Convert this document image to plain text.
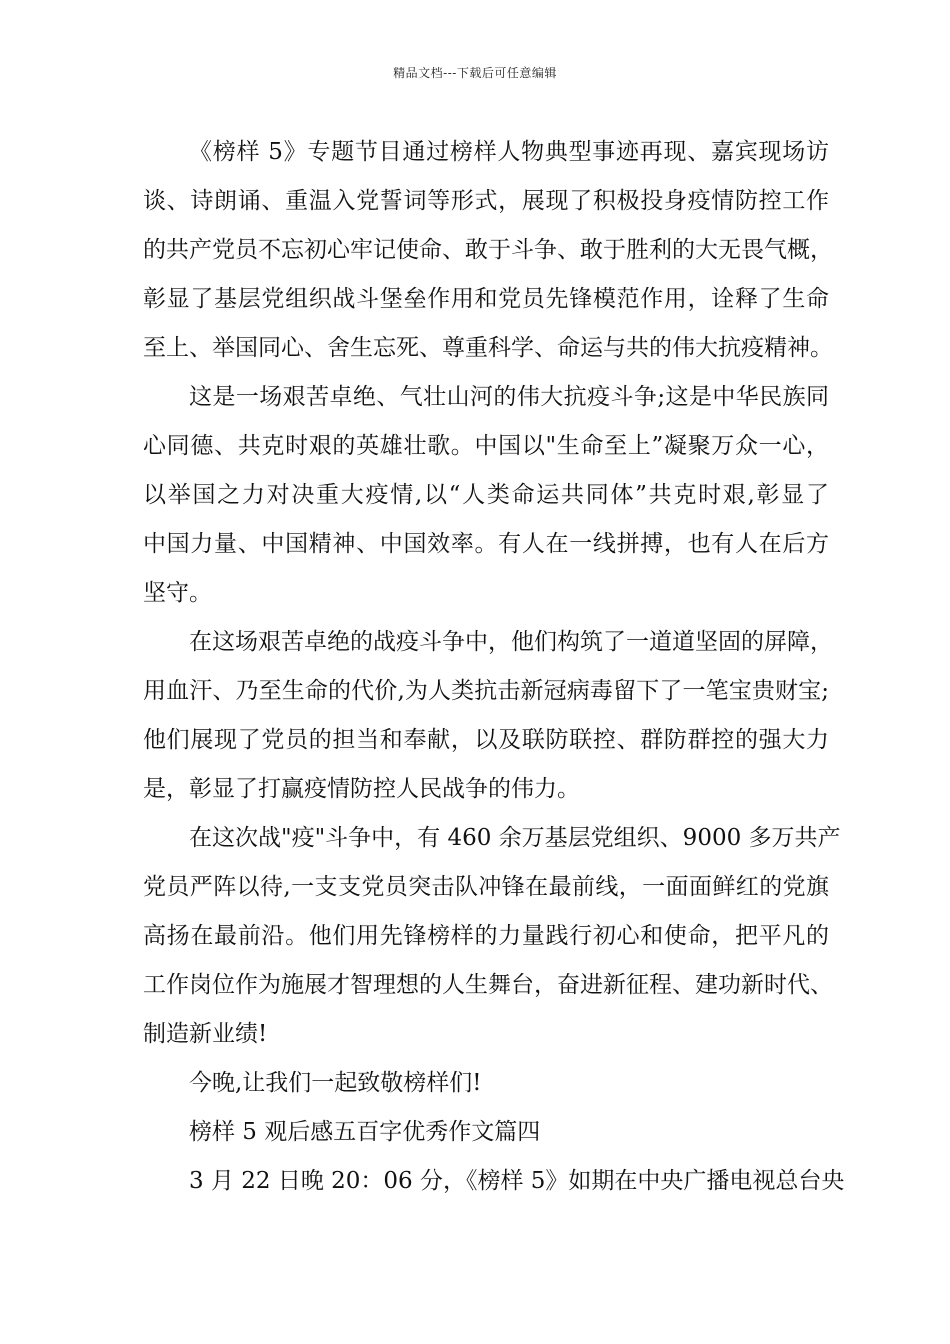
精品文档---下载后可任意编辑
《榜样 5》专题节目通过榜样人物典型事迹再现、嘉宾现场访
谈、诗朗诵、重温入党誓词等形式，展现了积极投身疫情防控工作
的共产党员不忘初心牢记使命、敢于斗争、敢于胜利的大无畏气概，
彰显了基层党组织战斗堡垒作用和党员先锋模范作用，诠释了生命
至上、举国同心、舍生忘死、尊重科学、命运与共的伟大抗疫精神。
这是一场艰苦卓绝、气壮山河的伟大抗疫斗争;这是中华民族同
心同德、共克时艰的英雄壮歌。中国以"生命至上”凝聚万众一心，
以举国之力对决重大疫情,以“人类命运共同体”共克时艰,彰显了
中国力量、中国精神、中国效率。有人在一线拼搏，也有人在后方
坚守。
在这场艰苦卓绝的战疫斗争中，他们构筑了一道道坚固的屏障，
用血汗、乃至生命的代价,为人类抗击新冠病毒留下了一笔宝贵财宝;
他们展现了党员的担当和奉献，以及联防联控、群防群控的强大力
是，彰显了打赢疫情防控人民战争的伟力。
在这次战"疫"斗争中，有 460 余万基层党组织、9000 多万共产
党员严阵以待,一支支党员突击队冲锋在最前线，一面面鲜红的党旗
高扬在最前沿。他们用先锋榜样的力量践行初心和使命，把平凡的
工作岗位作为施展才智理想的人生舞台，奋进新征程、建功新时代、
制造新业绩!
今晚,让我们一起致敬榜样们!
榜样 5 观后感五百字优秀作文篇四
3 月 22 日晚 20：06 分，《榜样 5》如期在中央广播电视总台央
